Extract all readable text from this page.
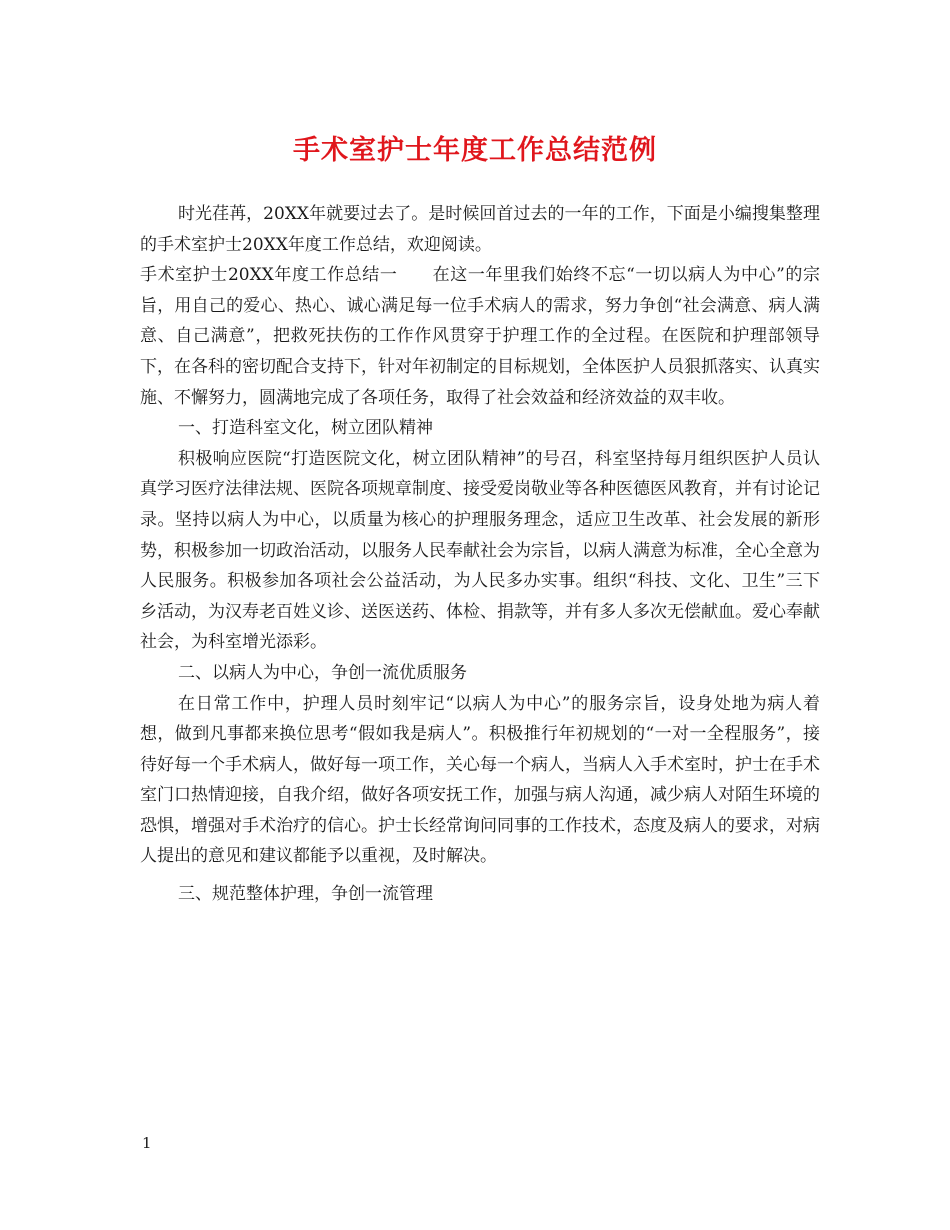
手术室护士年度工作总结范例

时光荏苒，20XX年就要过去了。是时候回首过去的一年的工作，下面是小编搜集整理的手术室护士20XX年度工作总结，欢迎阅读。

手术室护士20XX年度工作总结一　　在这一年里我们始终不忘“一切以病人为中心”的宗旨，用自己的爱心、热心、诚心满足每一位手术病人的需求，努力争创“社会满意、病人满意、自己满意”，把救死扶伤的工作作风贯穿于护理工作的全过程。在医院和护理部领导下，在各科的密切配合支持下，针对年初制定的目标规划，全体医护人员狠抓落实、认真实施、不懈努力，圆满地完成了各项任务，取得了社会效益和经济效益的双丰收。

一、打造科室文化，树立团队精神

积极响应医院“打造医院文化，树立团队精神”的号召，科室坚持每月组织医护人员认真学习医疗法律法规、医院各项规章制度、接受爱岗敬业等各种医德医风教育，并有讨论记录。坚持以病人为中心，以质量为核心的护理服务理念，适应卫生改革、社会发展的新形势，积极参加一切政治活动，以服务人民奉献社会为宗旨，以病人满意为标准，全心全意为人民服务。积极参加各项社会公益活动，为人民多办实事。组织“科技、文化、卫生”三下乡活动，为汉寿老百姓义诊、送医送药、体检、捐款等，并有多人多次无偿献血。爱心奉献社会，为科室增光添彩。

二、以病人为中心，争创一流优质服务

在日常工作中，护理人员时刻牢记“以病人为中心”的服务宗旨，设身处地为病人着想，做到凡事都来换位思考“假如我是病人”。积极推行年初规划的“一对一全程服务”，接待好每一个手术病人，做好每一项工作，关心每一个病人，当病人入手术室时，护士在手术室门口热情迎接，自我介绍，做好各项安抚工作，加强与病人沟通，减少病人对陌生环境的恐惧，增强对手术治疗的信心。护士长经常询问同事的工作技术，态度及病人的要求，对病人提出的意见和建议都能予以重视，及时解决。

三、规范整体护理，争创一流管理

1
